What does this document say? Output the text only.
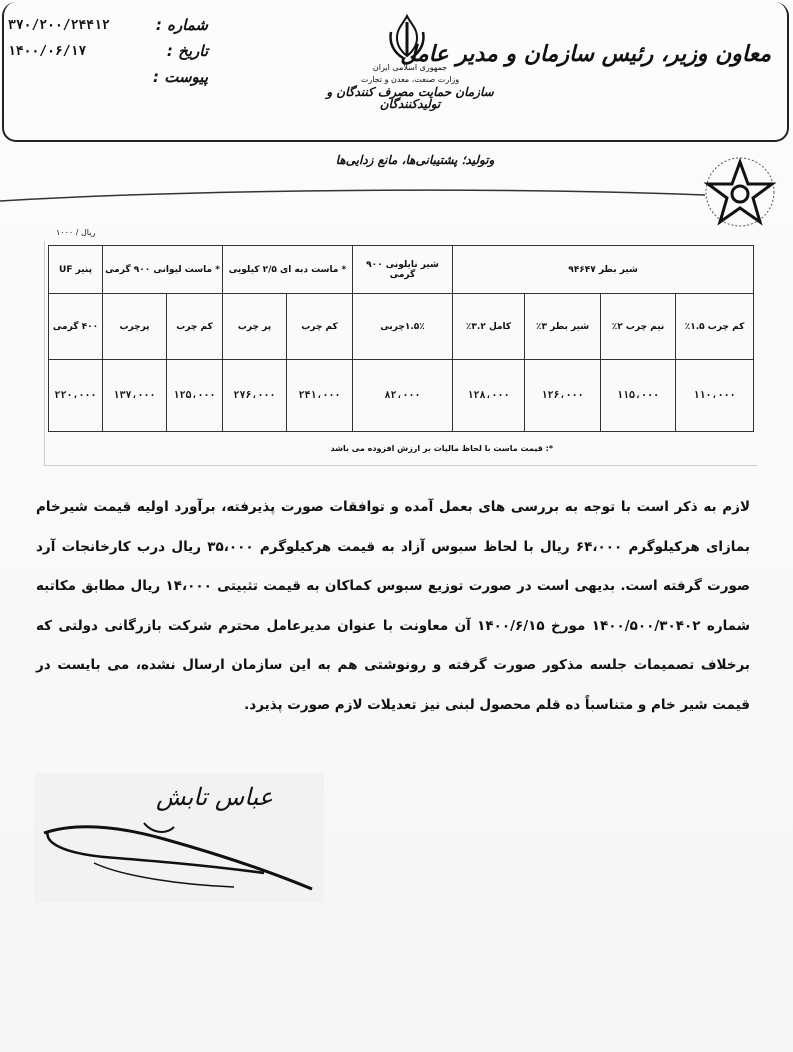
معاون وزیر، رئیس سازمان و مدیر عامل
جمهوری اسلامی ایران
وزارت صنعت، معدن و تجارت
سازمان حمایت مصرف کنندگان و تولیدکنندگان
شماره :
۳۷۰/۲۰۰/۲۴۴۱۲
تاریخ :
۱۴۰۰/۰۶/۱۷
پیوست :
وتولید؛ پشتیبانی‌ها، مانع زدایی‌ها
ریال / ۱۰۰۰
شیر بطر ۹۴۶۴۷				شیر نایلونی ۹۰۰ گرمی	* ماست دبه ای ۲/۵ کیلویی		* ماست لیوانی ۹۰۰ گرمی		پنیر UF
کم چرب ۱.۵٪	نیم چرب ۲٪	شیر بطر ۳٪	کامل ۳.۲٪	۱.۵٪چربی	کم چرب	پر چرب	کم چرب	پرچرب	۴۰۰ گرمی
۱۱۰،۰۰۰	۱۱۵،۰۰۰	۱۲۶،۰۰۰	۱۲۸،۰۰۰	۸۲،۰۰۰	۲۴۱،۰۰۰	۲۷۶،۰۰۰	۱۲۵،۰۰۰	۱۳۷،۰۰۰	۲۲۰،۰۰۰
*: قیمت ماست با لحاظ مالیات بر ارزش افزوده می باشد
لازم به ذکر است با توجه به بررسی های بعمل آمده و توافقات صورت پذیرفته، برآورد اولیه قیمت شیرخام بمازای هرکیلوگرم ۶۴،۰۰۰ ریال با لحاظ سبوس آزاد به قیمت هرکیلوگرم ۳۵،۰۰۰ ریال درب کارخانجات آرد صورت گرفته است. بدیهی است در صورت توزیع سبوس کماکان به قیمت تثبیتی ۱۴،۰۰۰ ریال مطابق مکاتبه شماره ۱۴۰۰/۵۰۰/۳۰۴۰۲ مورخ ۱۴۰۰/۶/۱۵ آن معاونت با عنوان مدیرعامل محترم شرکت بازرگانی دولتی که برخلاف تصمیمات جلسه مذکور صورت گرفته و رونوشتی هم به این سازمان ارسال نشده، می بایست در قیمت شیر خام و متناسباً ده قلم محصول لبنی نیز تعدیلات لازم صورت پذیرد.
عباس تابش
